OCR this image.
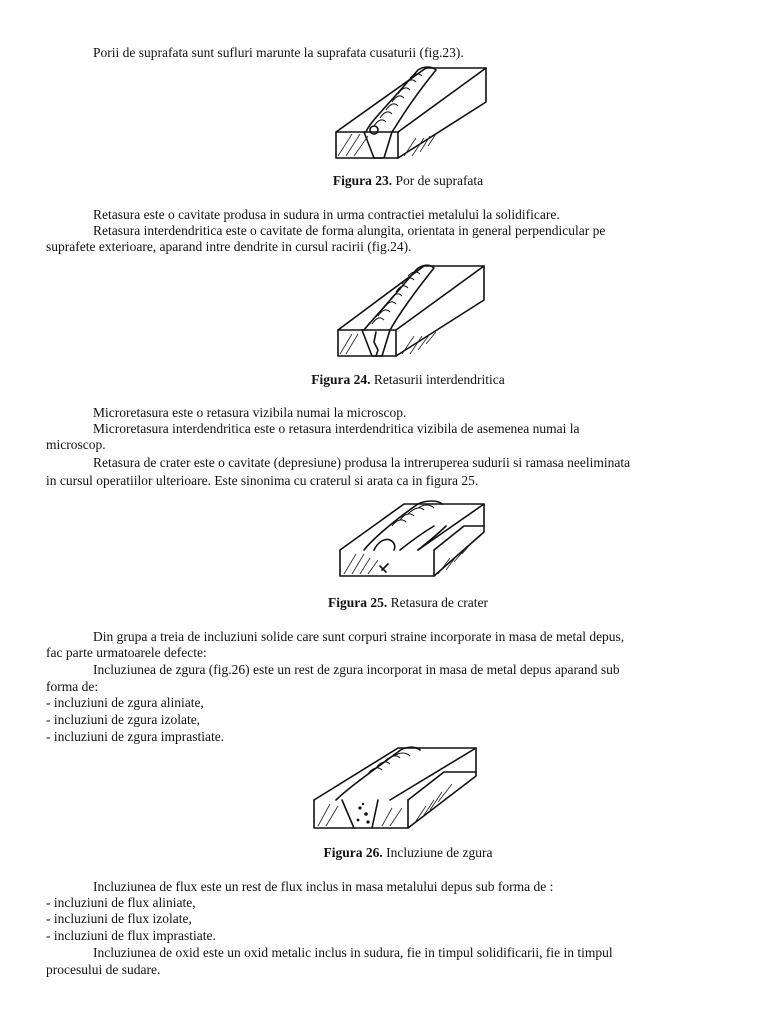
Porii de suprafata sunt sufluri marunte la suprafata cusaturii (fig.23).

Figura 23. Por de suprafata

Retasura este o cavitate produsa in sudura in urma contractiei metalului la solidificare.

Retasura interdendritica este o cavitate de forma alungita, orientata in general perpendicular pe

suprafete exterioare, aparand intre dendrite in cursul racirii (fig.24).

Figura 24. Retasurii interdendritica

Microretasura este o retasura vizibila numai la microscop.

Microretasura interdendritica este o retasura interdendritica vizibila de asemenea numai la

microscop.

Retasura de crater este o cavitate (depresiune) produsa la intreruperea sudurii si ramasa neeliminata

in cursul operatiilor ulterioare. Este sinonima cu craterul si arata ca in figura 25.

Figura 25. Retasura de crater

Din grupa a treia de incluziuni solide care sunt corpuri straine incorporate in masa de metal depus,

fac parte urmatoarele defecte:

Incluziunea de zgura (fig.26) este un rest de zgura incorporat in masa de metal depus aparand sub

forma de:

- incluziuni de zgura aliniate,

- incluziuni de zgura izolate,

- incluziuni de zgura imprastiate.

Figura 26. Incluziune de zgura

Incluziunea de flux este un rest de flux inclus in masa metalului depus sub forma de :

- incluziuni de flux aliniate,

- incluziuni de flux izolate,

- incluziuni de flux imprastiate.

Incluziunea de oxid este un oxid metalic inclus in sudura, fie in timpul solidificarii, fie in timpul

procesului de sudare.
